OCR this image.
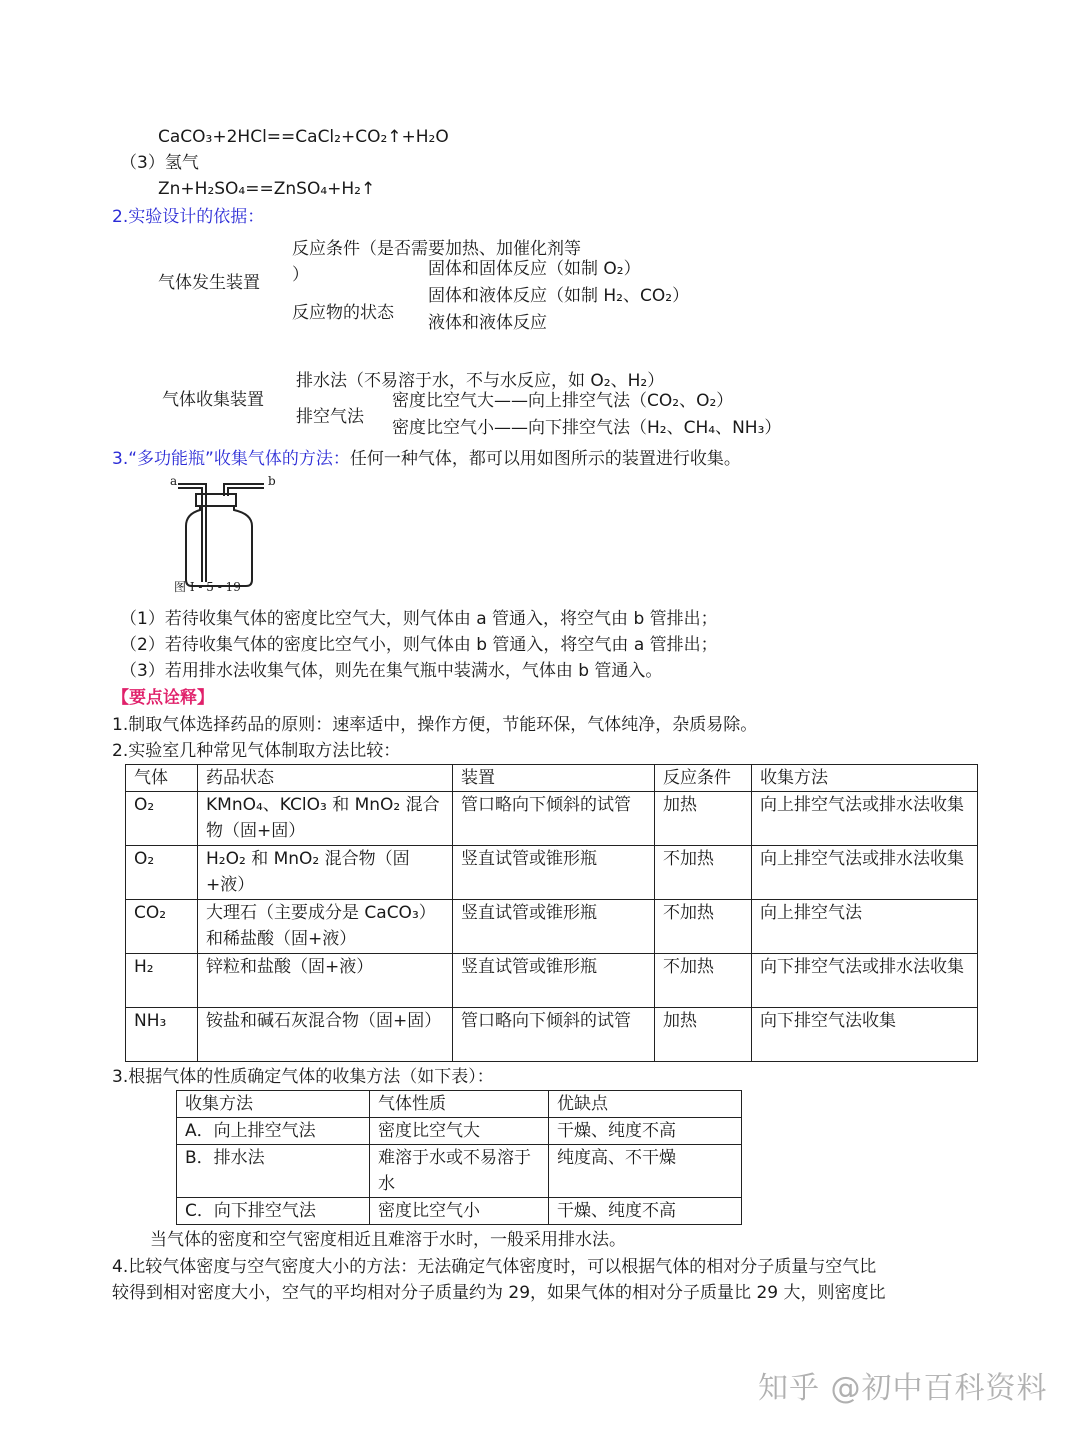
CaCO₃+2HCl==CaCl₂+CO₂↑+H₂O
（3）氢气
Zn+H₂SO₄==ZnSO₄+H₂↑
2.实验设计的依据：
气体发生装置
反应条件（是否需要加热、加催化剂等
）
反应物的状态
固体和固体反应（如制 O₂）
固体和液体反应（如制 H₂、CO₂）
液体和液体反应
气体收集装置
排水法（不易溶于水，不与水反应，如 O₂、H₂）
排空气法
密度比空气大——向上排空气法（CO₂、O₂）
密度比空气小——向下排空气法（H₂、CH₄、NH₃）
3.“多功能瓶”收集气体的方法：任何一种气体，都可以用如图所示的装置进行收集。
a	b
图 I - 5 - 19
（1）若待收集气体的密度比空气大，则气体由 a 管通入，将空气由 b 管排出；
（2）若待收集气体的密度比空气小，则气体由 b 管通入，将空气由 a 管排出；
（3）若用排水法收集气体，则先在集气瓶中装满水，气体由 b 管通入。
【要点诠释】
1.制取气体选择药品的原则：速率适中，操作方便，节能环保，气体纯净，杂质易除。
2.实验室几种常见气体制取方法比较：
气体	药品状态	装置	反应条件	收集方法
O₂	KMnO₄、KClO₃ 和 MnO₂ 混合物（固+固）	管口略向下倾斜的试管	加热	向上排空气法或排水法收集
O₂	H₂O₂ 和 MnO₂ 混合物（固+液）	竖直试管或锥形瓶	不加热	向上排空气法或排水法收集
CO₂	大理石（主要成分是 CaCO₃）和稀盐酸（固+液）	竖直试管或锥形瓶	不加热	向上排空气法
H₂	锌粒和盐酸（固+液）	竖直试管或锥形瓶	不加热	向下排空气法或排水法收集
NH₃	铵盐和碱石灰混合物（固+固）	管口略向下倾斜的试管	加热	向下排空气法收集
3.根据气体的性质确定气体的收集方法（如下表）：
收集方法	气体性质	优缺点
A．向上排空气法	密度比空气大	干燥、纯度不高
B．排水法	难溶于水或不易溶于水	纯度高、不干燥
C．向下排空气法	密度比空气小	干燥、纯度不高
当气体的密度和空气密度相近且难溶于水时，一般采用排水法。
4.比较气体密度与空气密度大小的方法：无法确定气体密度时，可以根据气体的相对分子质量与空气比
较得到相对密度大小，空气的平均相对分子质量约为 29，如果气体的相对分子质量比 29 大，则密度比
知乎 @初中百科资料
